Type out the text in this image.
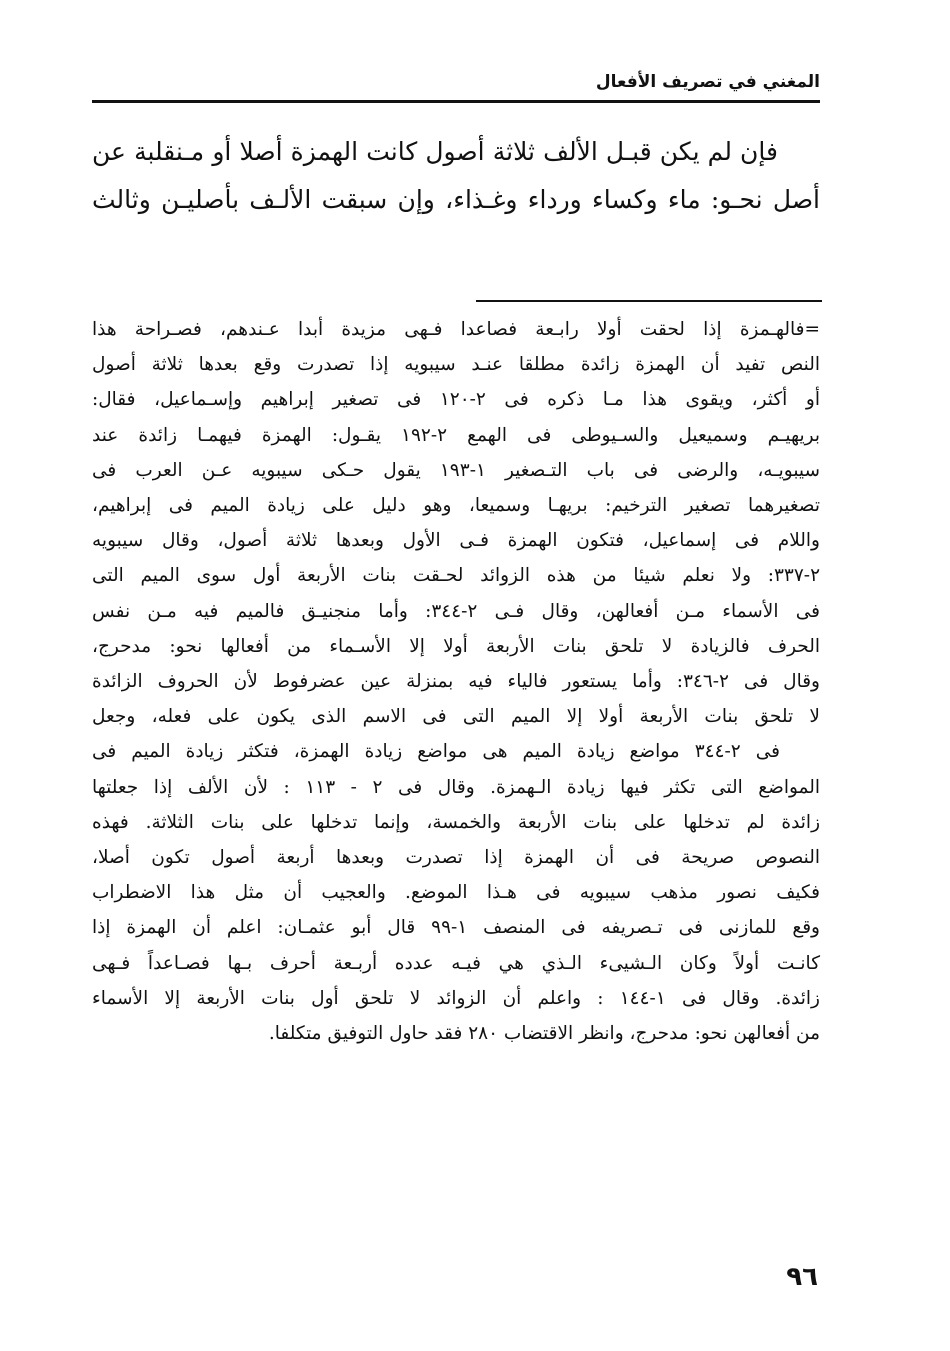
المغني في تصريف الأفعال
فإن لم يكن قبـل الألف ثلاثة أصول كانت الهمزة أصلا أو مـنقلبة عن
أصل نحـو: ماء وكساء ورداء وغـذاء، وإن سبقت الألـف بأصليـن وثالث
=فالهـمزة إذا لحقت أولا رابـعة فصاعدا فـهى مزيدة أبدا عـندهم، فصـراحة هذا
النص تفيد أن الهمزة زائدة مطلقا عنـد سيبويه إذا تصدرت وقع بعدها ثلاثة أصول
أو أكثر، ويقوى هذا مـا ذكره فى ٢-١٢٠ فى تصغير إبراهيم وإسـماعيل، فقال:
بريهيـم وسميعيل والسـيوطى فى الهمع ٢-١٩٢ يقـول: الهمزة فيهمـا زائدة عند
سيبويـه، والرضى فى باب التـصغير ١-١٩٣ يقول حـكى سيبويه عـن العرب فى
تصغيرهما تصغير الترخيم: بريهـا وسميعا، وهو دليل على زيادة الميم فى إبراهيم،
واللام فى إسماعيل، فتكون الهمزة فـى الأول وبعدها ثلاثة أصول، وقال سيبويه
٢-٣٣٧: ولا نعلم شيئا من هذه الزوائد لحـقت بنات الأربعة أول سوى الميم التى
فى الأسماء مـن أفعالهن، وقال فـى ٢-٣٤٤: وأما منجنيـق فالميم فيه مـن نفس
الحرف فالزيادة لا تلحق بنات الأربعة أولا إلا الأسـماء من أفعالها نحو: مدحرج،
وقال فى ٢-٣٤٦: وأما يستعور فالياء فيه بمنزلة عين عضرفوط لأن الحروف الزائدة
لا تلحق بنات الأربعة أولا إلا الميم التى فى الاسم الذى يكون على فعله، وجعل
فى ٢-٣٤٤ مواضع زيادة الميم هى مواضع زيادة الهمزة، فتكثر زيادة الميم فى
المواضع التى تكثر فيها زيادة الـهمزة. وقال فى ٢ - ١١٣ : لأن الألف إذا جعلتها
زائدة لم تدخلها على بنات الأربعة والخمسة، وإنما تدخلها على بنات الثلاثة. فهذه
النصوص صريحة فى أن الهمزة إذا تصدرت وبعدها أربعة أصول تكون أصلا،
فكيف نصور مذهب سيبويه فى هـذا الموضع. والعجيب أن مثل هذا الاضطراب
وقع للمازنى فى تـصريفه فى المنصف ١-٩٩ قال أبو عثمـان: اعلم أن الهمزة إذا
كانـت أولاً وكان الـشيىء الـذي هي فيـه عدده أربـعة أحرف بـها فصـاعداً فـهى
زائدة. وقال فى ١-١٤٤ : واعلم أن الزوائد لا تلحق أول بنات الأربعة إلا الأسماء
من أفعالهن نحو: مدحرج، وانظر الاقتضاب ٢٨٠ فقد حاول التوفيق متكلفا.
٩٦
